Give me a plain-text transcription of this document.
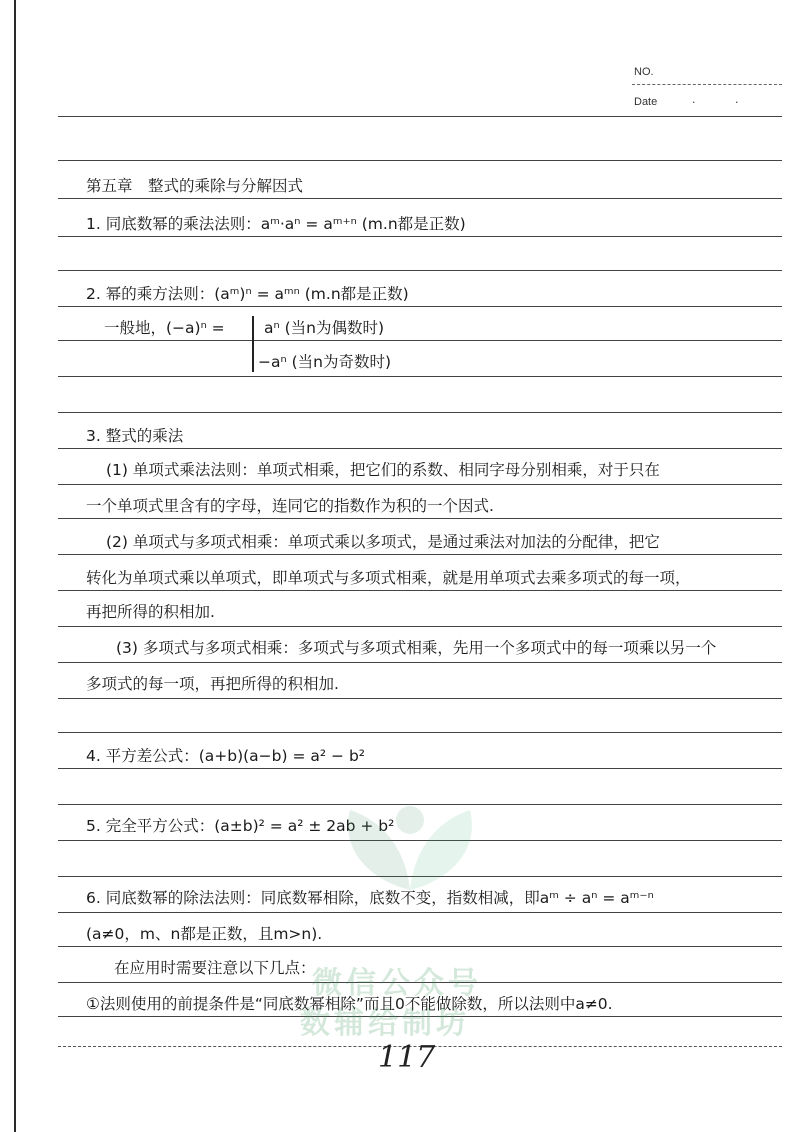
NO.
Date	· ·
第五章　整式的乘除与分解因式
1. 同底数幂的乘法法则：aᵐ·aⁿ = aᵐ⁺ⁿ (m.n都是正数)
2. 幂的乘方法则：(aᵐ)ⁿ = aᵐⁿ (m.n都是正数)
一般地，(−a)ⁿ =	aⁿ (当n为偶数时)
−aⁿ (当n为奇数时)
3. 整式的乘法
(1) 单项式乘法法则：单项式相乘，把它们的系数、相同字母分别相乘，对于只在
一个单项式里含有的字母，连同它的指数作为积的一个因式.
(2) 单项式与多项式相乘：单项式乘以多项式，是通过乘法对加法的分配律，把它
转化为单项式乘以单项式，即单项式与多项式相乘，就是用单项式去乘多项式的每一项，
再把所得的积相加.
(3) 多项式与多项式相乘：多项式与多项式相乘，先用一个多项式中的每一项乘以另一个
多项式的每一项，再把所得的积相加.
4. 平方差公式：(a+b)(a−b) = a² − b²
5. 完全平方公式：(a±b)² = a² ± 2ab + b²
6. 同底数幂的除法法则：同底数幂相除，底数不变，指数相减，即aᵐ ÷ aⁿ = aᵐ⁻ⁿ
(a≠0，m、n都是正数，且m>n).
在应用时需要注意以下几点：
①法则使用的前提条件是“同底数幂相除”而且0不能做除数，所以法则中a≠0.
微信公众号
数辅给制坊
117
